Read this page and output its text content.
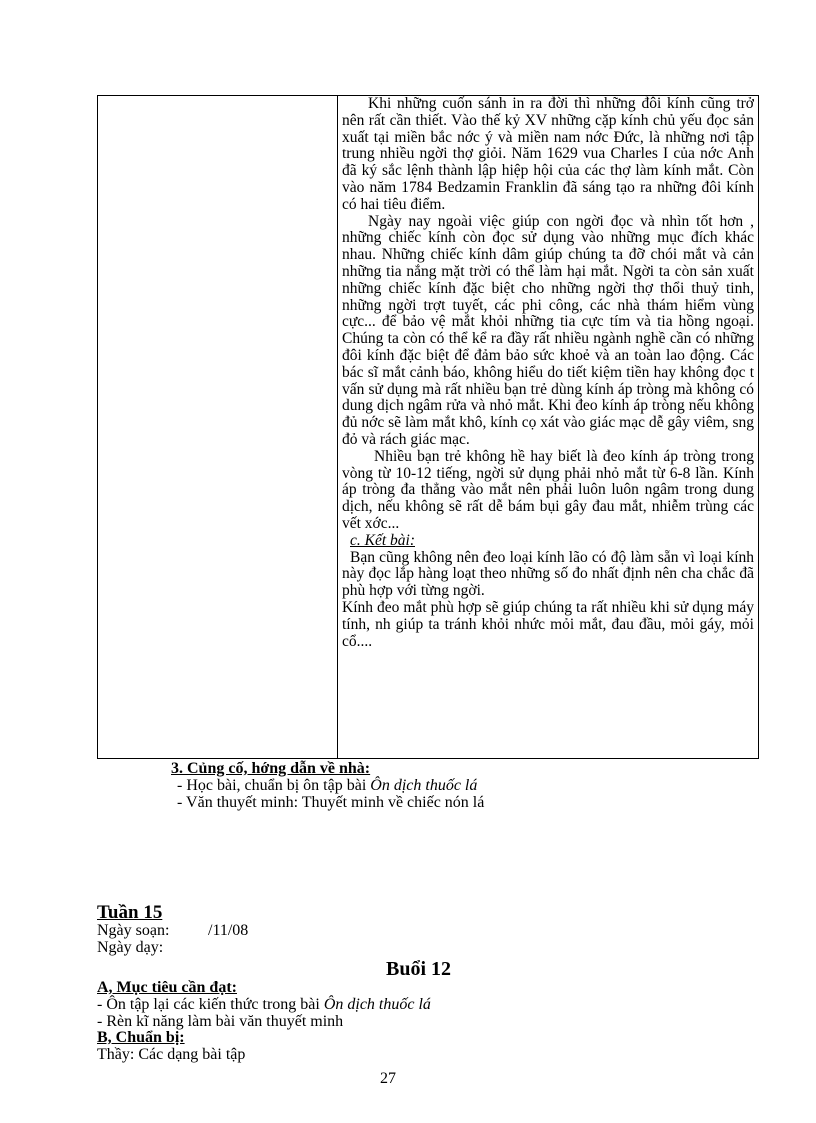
Khi những cuốn sánh in ra đời thì những đôi kính cũng trở nên rất cần thiết. Vào thế kỷ XV những cặp kính chủ yếu đọc sản xuất tại miền bắc nớc ý và miền nam nớc Đức, là những nơi tập trung nhiều ngời thợ giỏi. Năm 1629 vua Charles I của nớc Anh đã ký sắc lệnh thành lập hiệp hội của các thợ làm kính mắt. Còn vào năm 1784 Bedzamin Franklin đã sáng tạo ra những đôi kính có hai tiêu điểm.

Ngày nay ngoài việc giúp con ngời đọc và nhìn tốt hơn , những chiếc kính còn đọc sử dụng vào những mục đích khác nhau. Những chiếc kính dâm giúp chúng ta đỡ chói mắt và cản những tia nắng mặt trời có thể làm hại mắt. Ngời ta còn sản xuất những chiếc kính đặc biệt cho những ngời thợ thổi thuỷ tinh, những ngời trợt tuyết, các phi công, các nhà thám hiểm vùng cực... để bảo vệ mắt khỏi những tia cực tím và tia hồng ngoại. Chúng ta còn có thể kể ra đầy rất nhiều ngành nghề cần có những đôi kính đặc biệt để đảm bảo sức khoẻ và an toàn lao động. Các bác sĩ mắt cảnh báo, không hiểu do tiết kiệm tiền hay không đọc t vấn sử dụng mà rất nhiều bạn trẻ dùng kính áp tròng mà không có dung dịch ngâm rửa và nhỏ mắt. Khi đeo kính áp tròng nếu không đủ nớc sẽ làm mắt khô, kính cọ xát vào giác mạc dễ gây viêm, sng đỏ và rách giác mạc.

Nhiều bạn trẻ không hề hay biết là đeo kính áp tròng trong vòng từ 10-12 tiếng, ngời sử dụng phải nhỏ mắt từ 6-8 lần. Kính áp tròng đa thẳng vào mắt nên phải luôn luôn ngâm trong dung dịch, nếu không sẽ rất dễ bám bụi gây đau mắt, nhiễm trùng các vết xớc...

c. Kết bài:

Bạn cũng không nên đeo loại kính lão có độ làm sẵn vì loại kính này đọc lắp hàng loạt theo những số đo nhất định nên cha chắc đã phù hợp với từng ngời.

Kính đeo mắt phù hợp sẽ giúp chúng ta rất nhiều khi sử dụng máy tính, nh giúp ta tránh khỏi nhức mỏi mắt, đau đầu, mỏi gáy, mỏi cổ....

3. Củng cố, hớng dẫn về nhà:
- Học bài, chuẩn bị ôn tập bài Ôn dịch thuốc lá
- Văn thuyết minh: Thuyết minh về chiếc nón lá
Tuần 15
Ngày soạn: /11/08
Ngày dạy:
Buổi 12
A, Mục tiêu cần đạt:
- Ôn tập lại các kiến thức trong bài Ôn dịch thuốc lá
- Rèn kĩ năng làm bài văn thuyết minh
B, Chuẩn bị:
Thầy: Các dạng bài tập
27
